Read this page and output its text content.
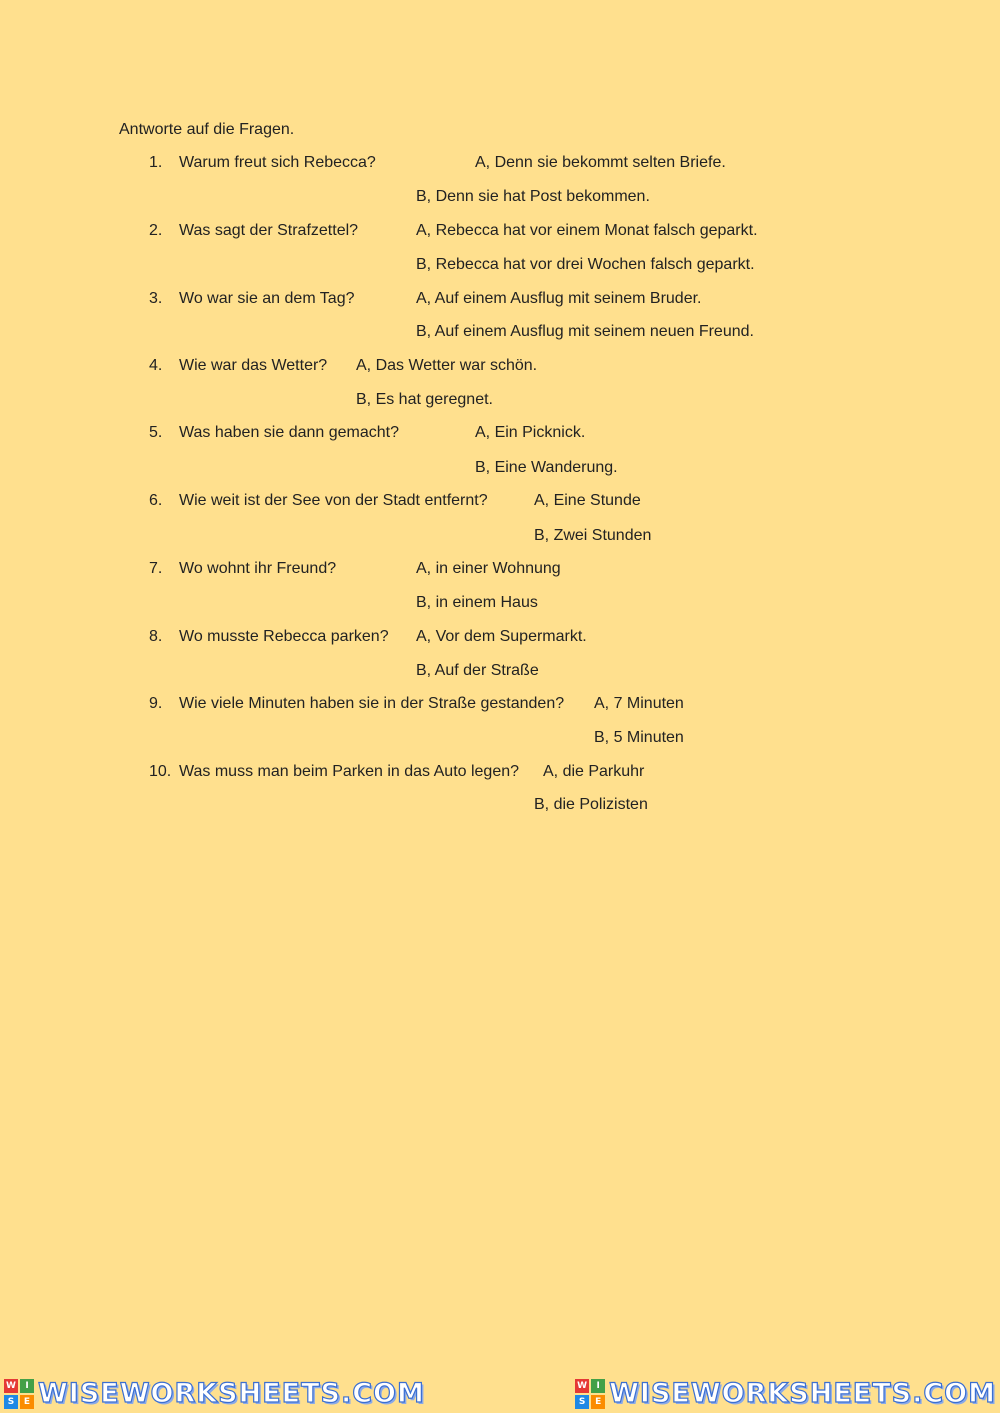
Antworte auf die Fragen.
1. Warum freut sich Rebecca?	A, Denn sie bekommt selten Briefe.
B, Denn sie hat Post bekommen.
2. Was sagt der Strafzettel?	A, Rebecca hat vor einem Monat falsch geparkt.
B, Rebecca hat vor drei Wochen falsch geparkt.
3. Wo war sie an dem Tag?	A, Auf einem Ausflug mit seinem Bruder.
B, Auf einem Ausflug mit seinem neuen Freund.
4. Wie war das Wetter? A, Das Wetter war schön.
B, Es hat geregnet.
5. Was haben sie dann gemacht?	A, Ein Picknick.
B, Eine Wanderung.
6. Wie weit ist der See von der Stadt entfernt?	A, Eine Stunde
B, Zwei Stunden
7. Wo wohnt ihr Freund?	A, in einer Wohnung
B, in einem Haus
8. Wo musste Rebecca parken? A, Vor dem Supermarkt.
B, Auf der Straße
9. Wie viele Minuten haben sie in der Straße gestanden? A, 7 Minuten
B, 5 Minuten
10. Was muss man beim Parken in das Auto legen? A, die Parkuhr
B, die Polizisten
W	I
S	E WISEWORKSHEETS.COM	W	I
S	E WISEWORKSHEETS.COM
